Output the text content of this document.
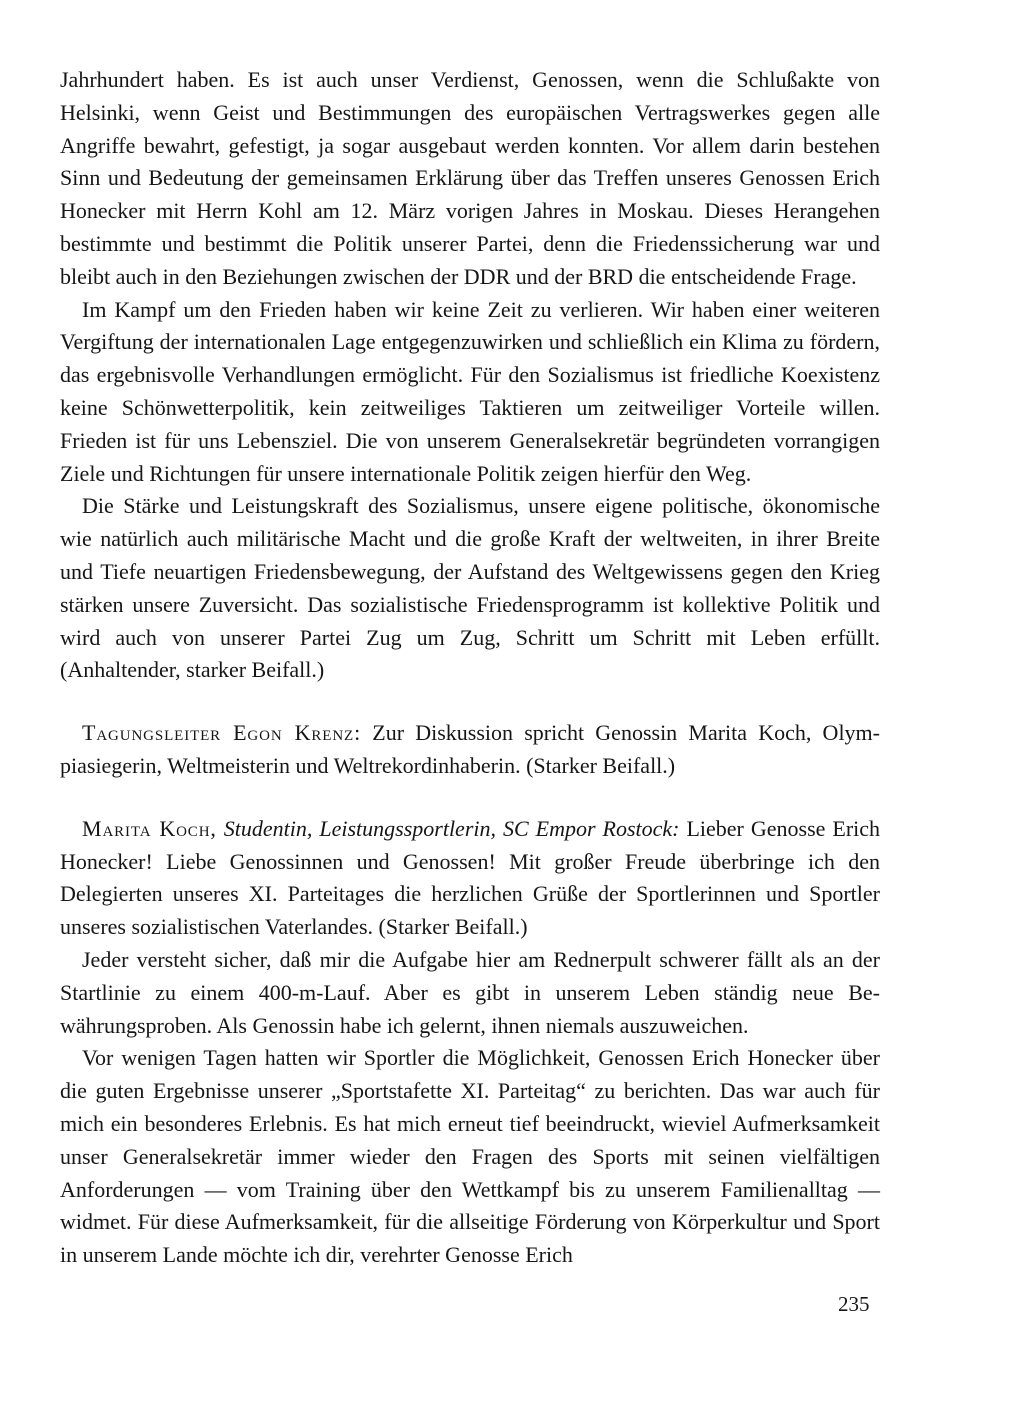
Jahrhundert haben. Es ist auch unser Verdienst, Genossen, wenn die Schlußakte von Helsinki, wenn Geist und Bestimmungen des europäischen Vertragswerkes gegen alle Angriffe bewahrt, gefestigt, ja sogar ausgebaut werden konnten. Vor allem darin bestehen Sinn und Bedeutung der gemeinsamen Erklärung über das Treffen unseres Genossen Erich Honecker mit Herrn Kohl am 12. März vorigen Jahres in Moskau. Dieses Herangehen bestimmte und bestimmt die Politik unserer Partei, denn die Friedenssicherung war und bleibt auch in den Beziehungen zwischen der DDR und der BRD die entscheidende Frage.

Im Kampf um den Frieden haben wir keine Zeit zu verlieren. Wir haben einer weiteren Vergiftung der internationalen Lage entgegenzuwirken und schließlich ein Klima zu fördern, das ergebnisvolle Verhandlungen ermöglicht. Für den Sozialismus ist friedliche Koexistenz keine Schönwetterpolitik, kein zeitweiliges Taktieren um zeitweiliger Vorteile willen. Frieden ist für uns Lebensziel. Die von unserem Generalsekretär begründeten vorrangigen Ziele und Richtungen für unsere internationale Politik zeigen hierfür den Weg.

Die Stärke und Leistungskraft des Sozialismus, unsere eigene politische, ökonomische wie natürlich auch militärische Macht und die große Kraft der weltweiten, in ihrer Breite und Tiefe neuartigen Friedensbewegung, der Aufstand des Weltgewissens gegen den Krieg stärken unsere Zuversicht. Das sozialistische Friedensprogramm ist kollektive Politik und wird auch von unserer Partei Zug um Zug, Schritt um Schritt mit Leben erfüllt. (Anhaltender, starker Beifall.)

Tagungsleiter Egon Krenz: Zur Diskussion spricht Genossin Marita Koch, Olympiasiegerin, Weltmeisterin und Weltrekordinhaberin. (Starker Beifall.)

Marita Koch, Studentin, Leistungssportlerin, SC Empor Rostock: Lieber Genosse Erich Honecker! Liebe Genossinnen und Genossen! Mit großer Freude überbringe ich den Delegierten unseres XI. Parteitages die herzlichen Grüße der Sportlerinnen und Sportler unseres sozialistischen Vaterlandes. (Starker Beifall.)

Jeder versteht sicher, daß mir die Aufgabe hier am Rednerpult schwerer fällt als an der Startlinie zu einem 400-m-Lauf. Aber es gibt in unserem Leben ständig neue Bewährungsproben. Als Genossin habe ich gelernt, ihnen niemals auszuweichen.

Vor wenigen Tagen hatten wir Sportler die Möglichkeit, Genossen Erich Honecker über die guten Ergebnisse unserer „Sportstafette XI. Parteitag“ zu berichten. Das war auch für mich ein besonderes Erlebnis. Es hat mich erneut tief beeindruckt, wieviel Aufmerksamkeit unser Generalsekretär immer wieder den Fragen des Sports mit seinen vielfältigen Anforderungen — vom Training über den Wettkampf bis zu unserem Familienalltag — widmet. Für diese Aufmerksamkeit, für die allseitige Förderung von Körperkultur und Sport in unserem Lande möchte ich dir, verehrter Genosse Erich

235
